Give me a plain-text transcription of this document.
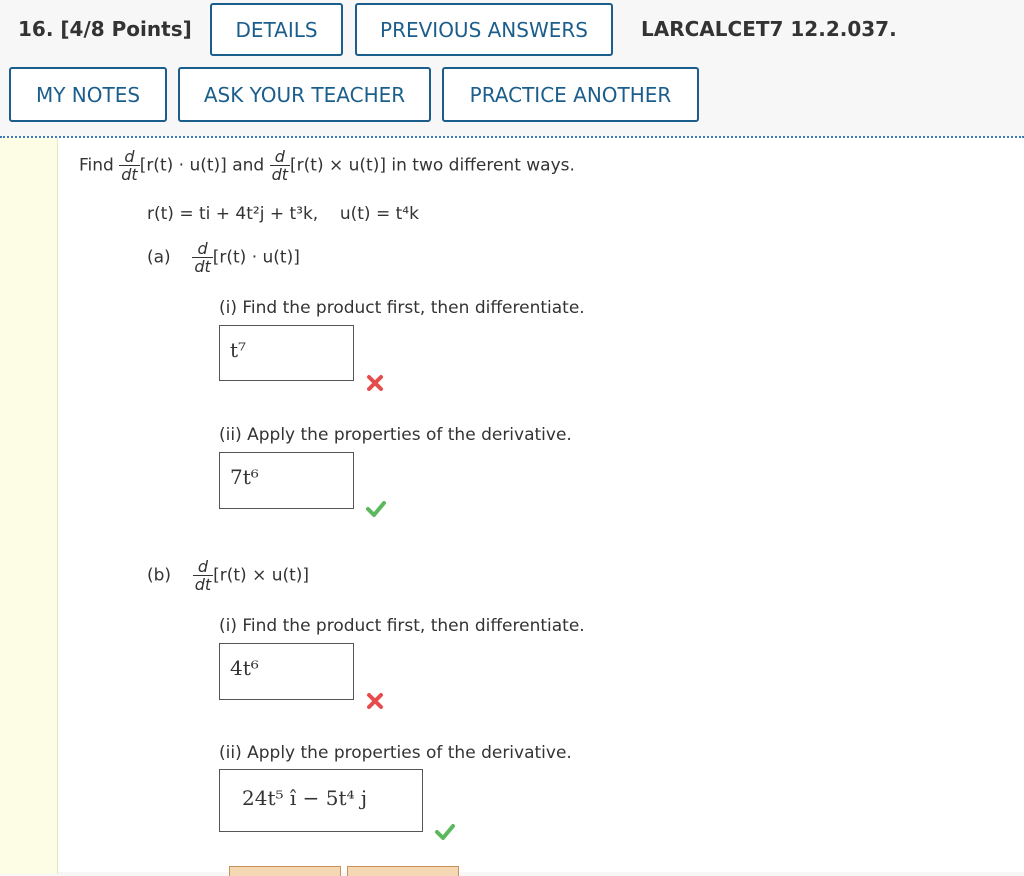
16. [4/8 Points] DETAILS	PREVIOUS ANSWERS	LARCALCET7 12.2.037.
MY NOTES	ASK YOUR TEACHER	PRACTICE ANOTHER
Find $\frac{d}{dt} [r(t) \cdot u(t)]$ and $\frac{d}{dt} [r(t) \times u(t)]$ in two different ways.
r(t) = ti + 4t²j + t³k, u(t) = t⁴k
$(a) \frac{d}{dt} [r(t) \cdot u(t)]$
(i) Find the product first, then differentiate.
t⁷
(ii) Apply the properties of the derivative.
7t⁶
$(b) \frac{d}{dt} [r(t) \times u(t)]$
(i) Find the product first, then differentiate.
4t⁶
(ii) Apply the properties of the derivative.
24t⁵ î − 5t⁴ j
